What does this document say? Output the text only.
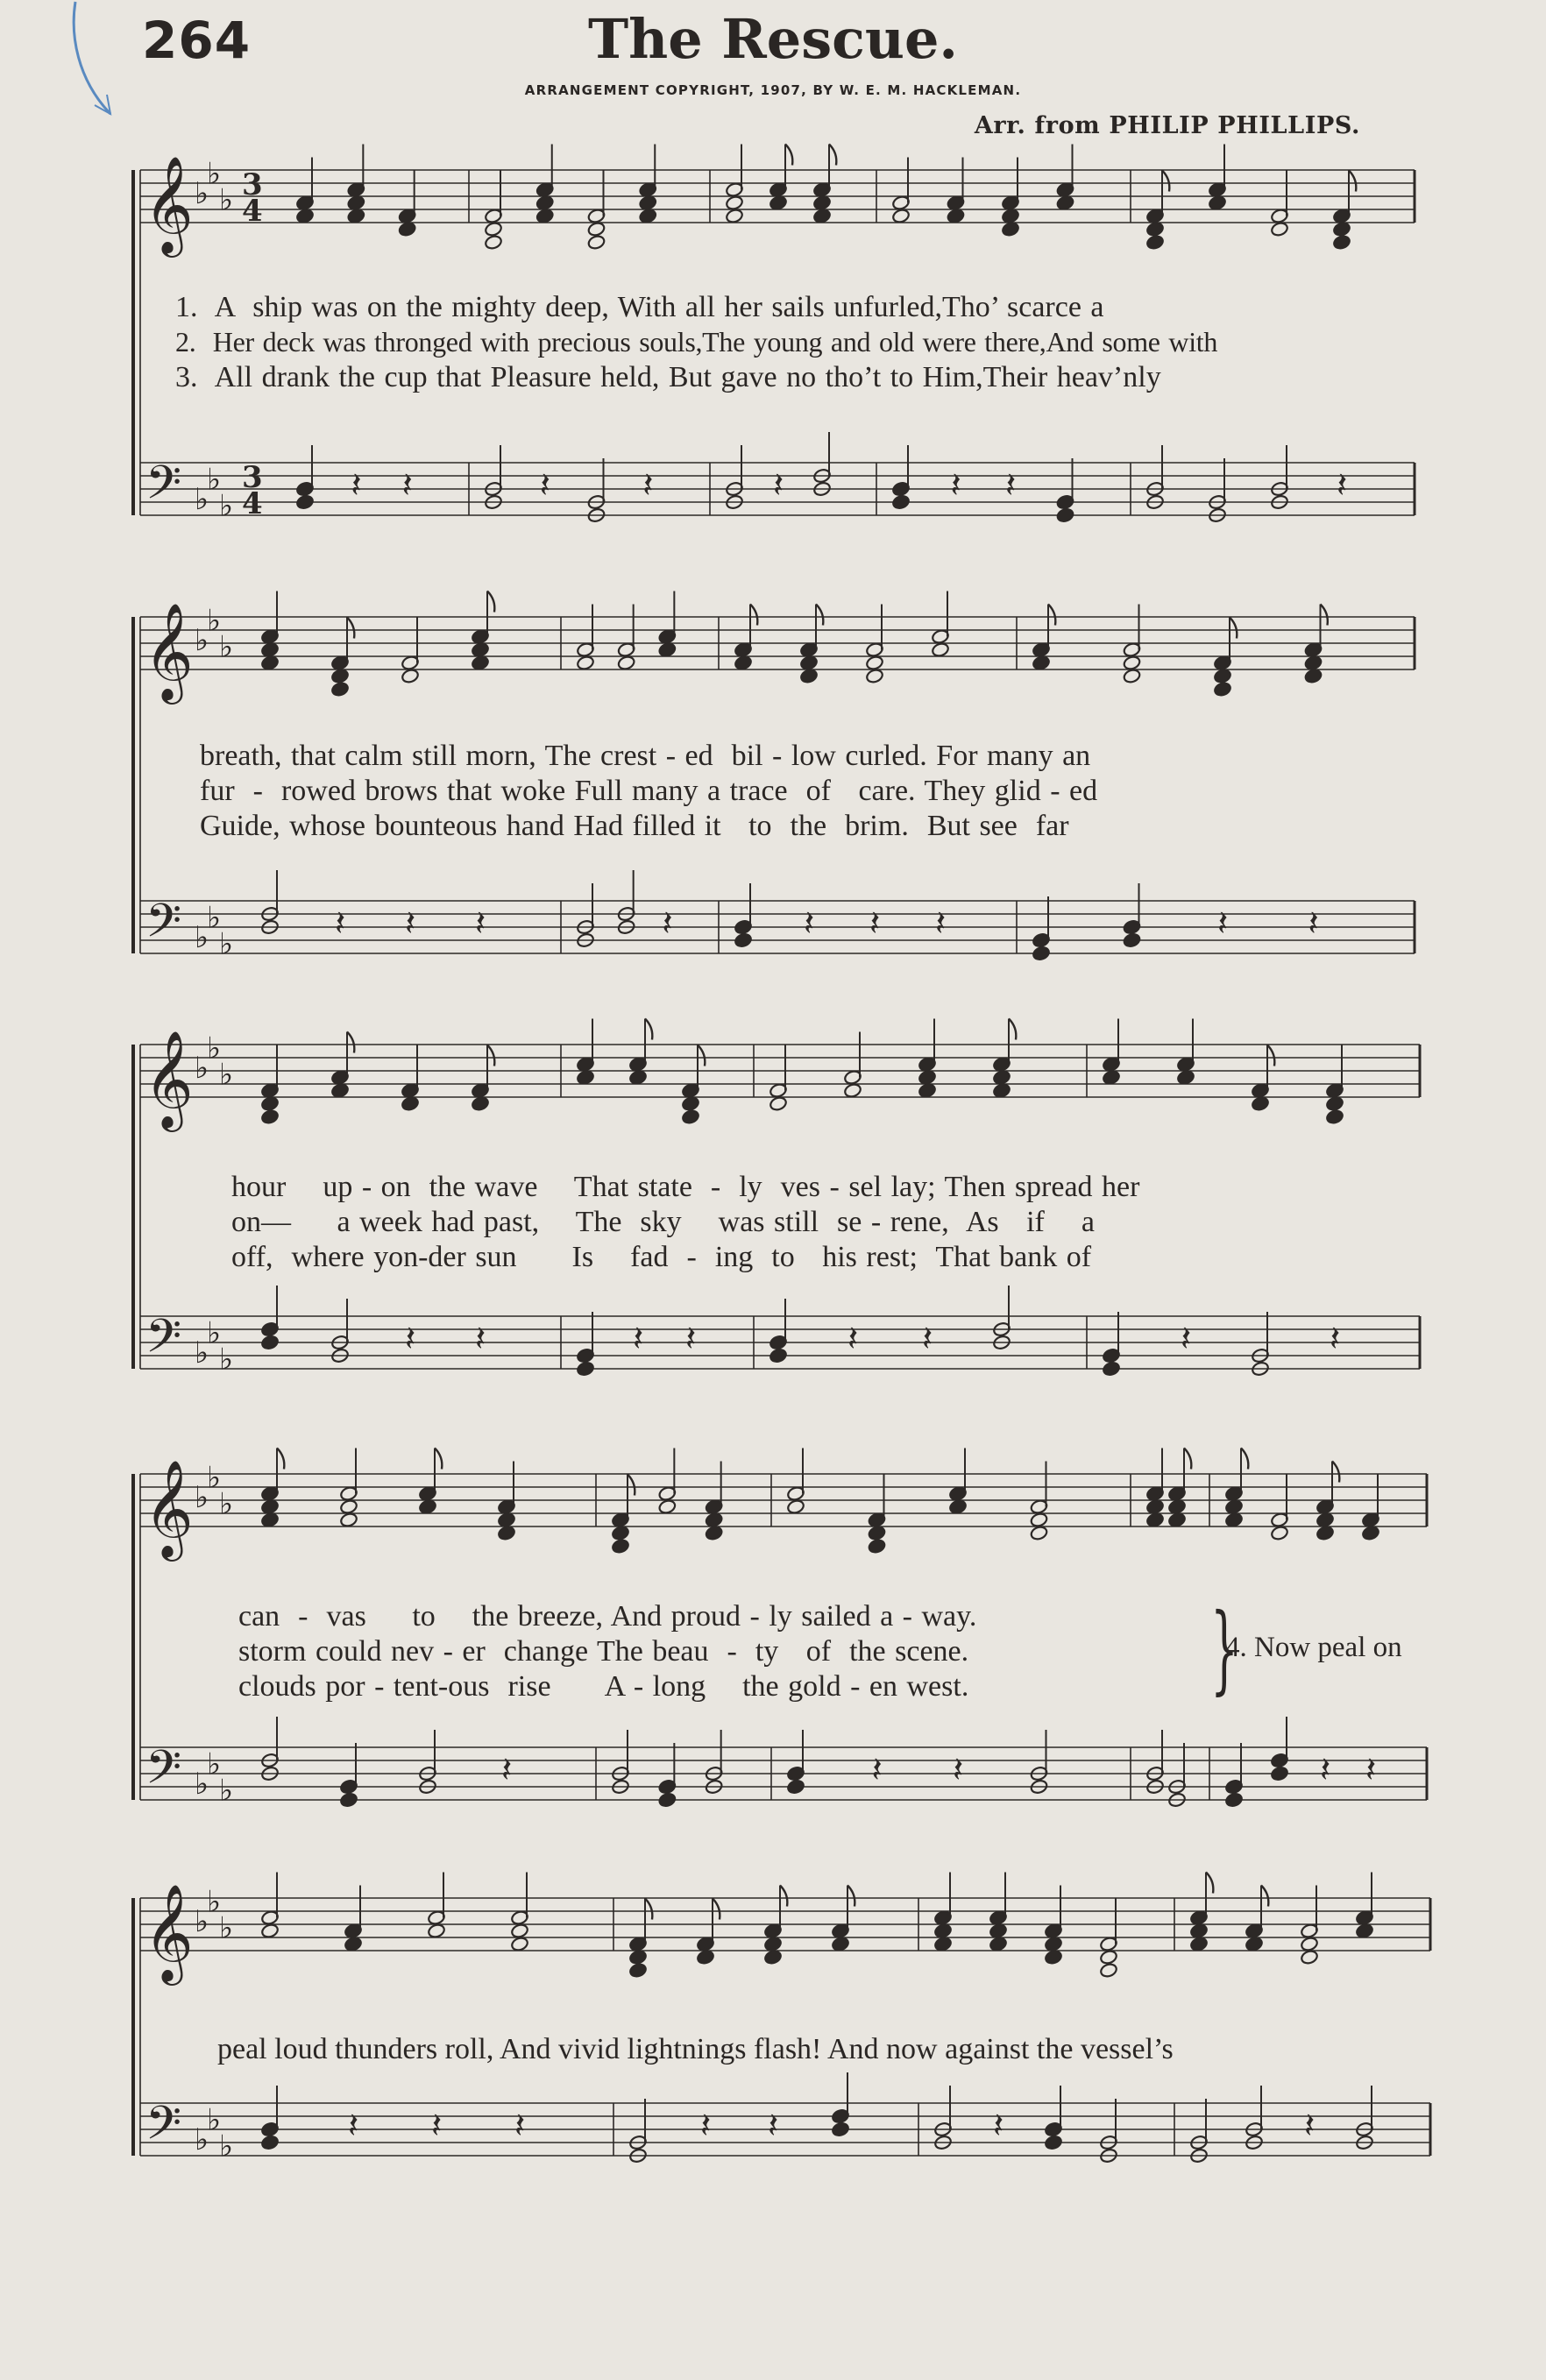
264	The Rescue.
ARRANGEMENT COPYRIGHT, 1907, BY W. E. M. HACKLEMAN.
Arr. from PHILIP PHILLIPS.
𝄞 ♭
♭
♭
𝄢 ♭
♭
♭
3
4
3
4	𝄽 𝄽	𝄽	𝄽	𝄽	𝄽 𝄽	𝄽
𝄞 ♭
♭
♭
𝄢 ♭
♭
♭
𝄽 𝄽 𝄽	𝄽	𝄽 𝄽 𝄽	𝄽 𝄽
𝄞 ♭
♭
♭
𝄢 ♭
♭
♭
𝄽 𝄽	𝄽 𝄽	𝄽 𝄽	𝄽	𝄽
𝄞 ♭
♭
♭
𝄢 ♭
♭
♭
𝄽	𝄽 𝄽	𝄽 𝄽
𝄞 ♭
♭
♭
𝄢 ♭
♭
♭
𝄽 𝄽 𝄽	𝄽 𝄽	𝄽	𝄽
1.  A  ship was on the mighty deep, With all her sails unfurled,Tho’ scarce a
2.  Her deck was thronged with precious souls,The young and old were there,And some with
3.  All drank the cup that Pleasure held, But gave no tho’t to Him,Their heav’nly
breath, that calm still morn, The crest - ed  bil - low curled. For many an
fur  -  rowed brows that woke Full many a trace  of   care. They glid - ed
Guide, whose bounteous hand Had filled it   to  the  brim.  But see  far
hour    up - on  the wave    That state  -  ly  ves - sel lay; Then spread her
on—     a week had past,    The  sky    was still  se - rene,  As   if    a
off,  where yon-der sun      Is    fad  -  ing  to   his rest;  That bank of
can  -  vas     to    the breeze, And proud - ly sailed a - way.
storm could nev - er  change The beau  -  ty   of  the scene.
clouds por - tent-ous  rise      A - long    the gold - en west.	}
4. Now peal on
peal loud thunders roll, And vivid lightnings flash! And now against the vessel’s
